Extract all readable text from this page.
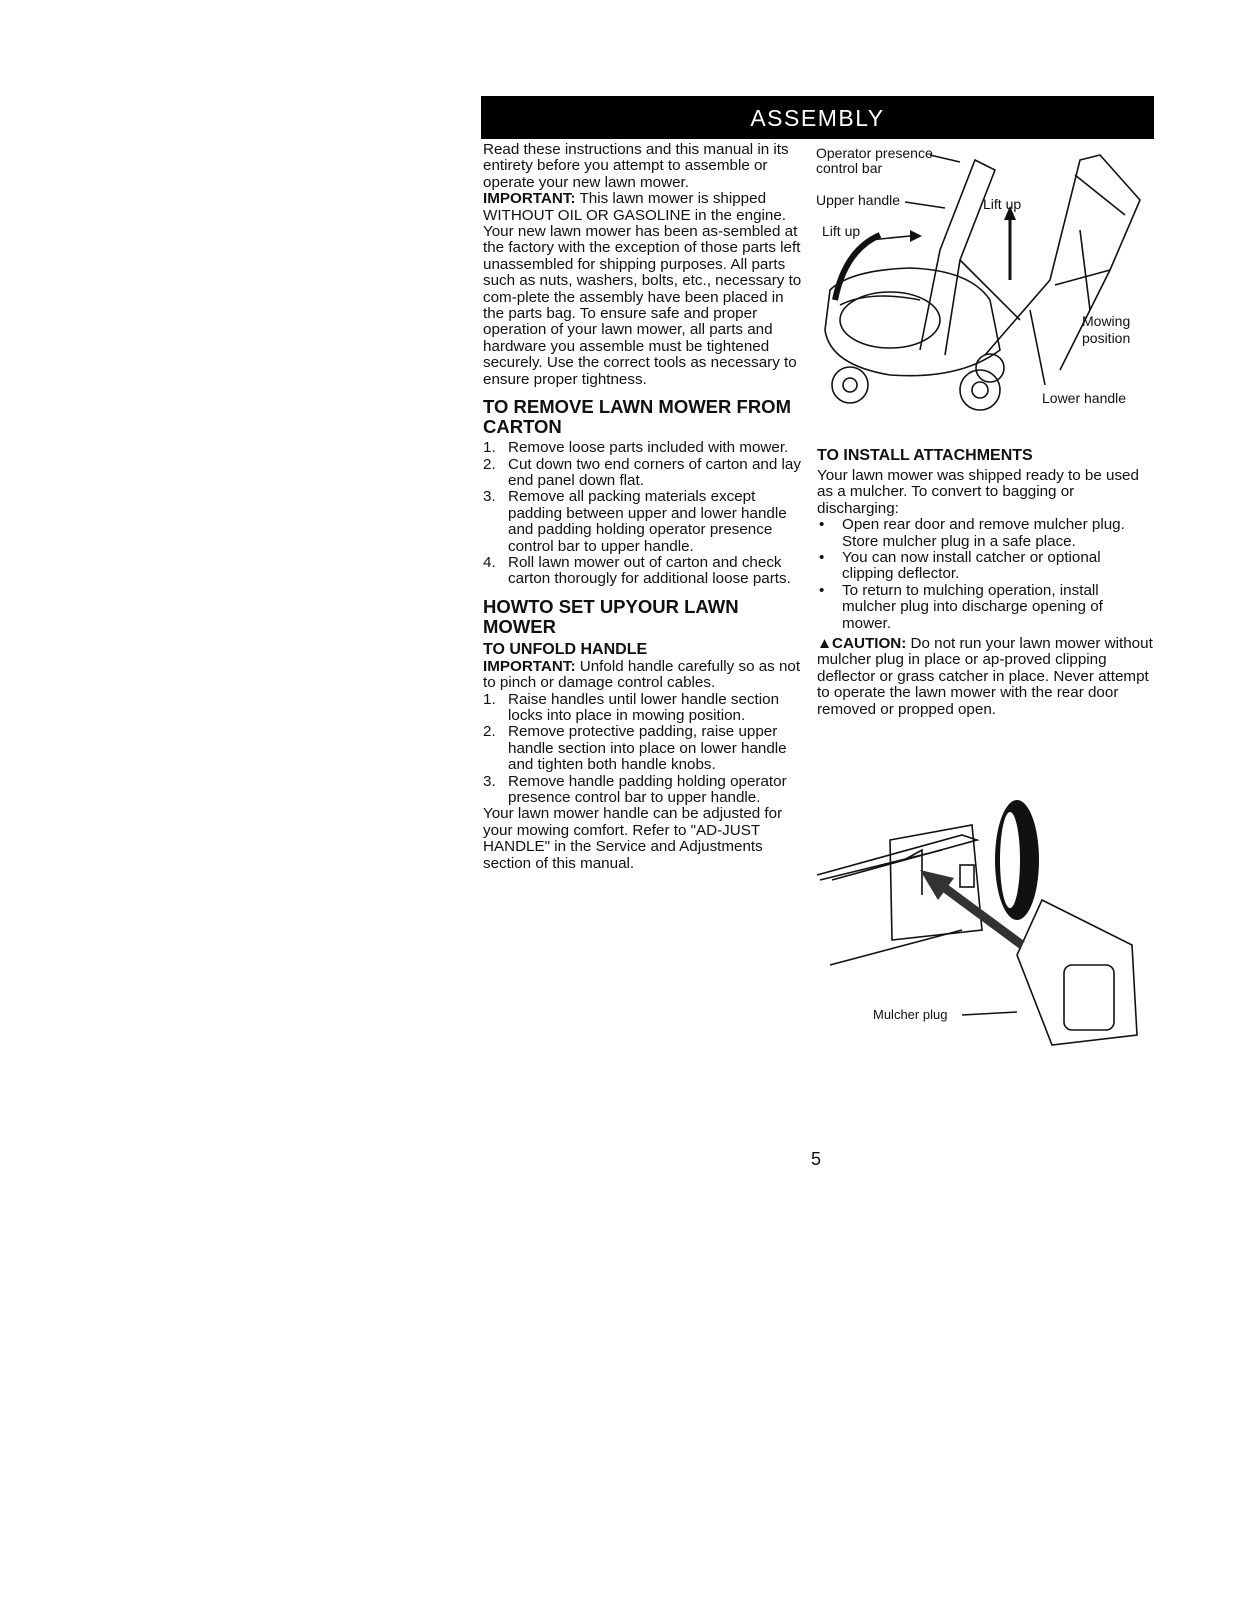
ASSEMBLY

Read these instructions and this manual in its entirety before you attempt to assemble or operate your new lawn mower.

IMPORTANT: This lawn mower is shipped WITHOUT OIL OR GASOLINE in the engine.

Your new lawn mower has been as-sembled at the factory with the exception of those parts left unassembled for shipping purposes. All parts such as nuts, washers, bolts, etc., necessary to com-plete the assembly have been placed in the parts bag. To ensure safe and proper operation of your lawn mower, all parts and hardware you assemble must be tightened securely. Use the correct tools as necessary to ensure proper tightness.

TO REMOVE LAWN MOWER FROM CARTON
1. Remove loose parts included with mower.
2. Cut down two end corners of carton and lay end panel down flat.
3. Remove all packing materials except padding between upper and lower handle and padding holding operator presence control bar to upper handle.
4. Roll lawn mower out of carton and check carton thorougly for additional loose parts.
HOWTO SET UPYOUR LAWN MOWER
TO UNFOLD HANDLE

IMPORTANT: Unfold handle carefully so as not to pinch or damage control cables.

1. Raise handles until lower handle section locks into place in mowing position.
2. Remove protective padding, raise upper handle section into place on lower handle and tighten both handle knobs.
3. Remove handle padding holding operator presence control bar to upper handle.

Your lawn mower handle can be adjusted for your mowing comfort. Refer to "AD-JUST HANDLE" in the Service and Adjustments section of this manual.

Operator presence
control bar
Upper handle
Lift up
Lift up
Mowing
position
Lower handle
TO INSTALL ATTACHMENTS

Your lawn mower was shipped ready to be used as a mulcher. To convert to bagging or discharging:

• Open rear door and remove mulcher plug. Store mulcher plug in a safe place.
• You can now install catcher or optional clipping deflector.
• To return to mulching operation, install mulcher plug into discharge opening of mower.

▲CAUTION: Do not run your lawn mower without mulcher plug in place or ap-proved clipping deflector or grass catcher in place. Never attempt to operate the lawn mower with the rear door removed or propped open.

Mulcher plug
5
